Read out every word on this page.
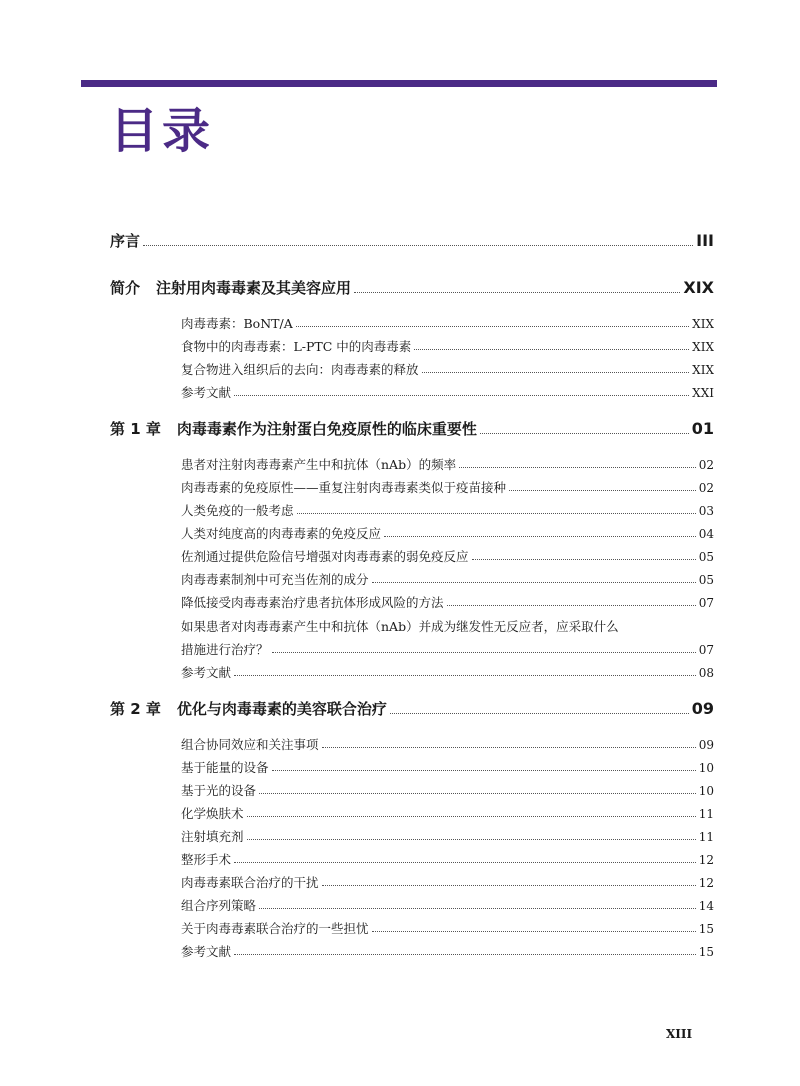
目录
序言	III
简介 注射用肉毒毒素及其美容应用	XIX
肉毒毒素：BoNT/A	XIX
食物中的肉毒毒素：L-PTC 中的肉毒毒素	XIX
复合物进入组织后的去向：肉毒毒素的释放	XIX
参考文献	XXI
第 1 章 肉毒毒素作为注射蛋白免疫原性的临床重要性	01
患者对注射肉毒毒素产生中和抗体（nAb）的频率	02
肉毒毒素的免疫原性——重复注射肉毒毒素类似于疫苗接种	02
人类免疫的一般考虑	03
人类对纯度高的肉毒毒素的免疫反应	04
佐剂通过提供危险信号增强对肉毒毒素的弱免疫反应	05
肉毒毒素制剂中可充当佐剂的成分	05
降低接受肉毒毒素治疗患者抗体形成风险的方法	07
如果患者对肉毒毒素产生中和抗体（nAb）并成为继发性无反应者，应采取什么
措施进行治疗？	07
参考文献	08
第 2 章 优化与肉毒毒素的美容联合治疗	09
组合协同效应和关注事项	09
基于能量的设备	10
基于光的设备	10
化学焕肤术	11
注射填充剂	11
整形手术	12
肉毒毒素联合治疗的干扰	12
组合序列策略	14
关于肉毒毒素联合治疗的一些担忧	15
参考文献	15
XIII
